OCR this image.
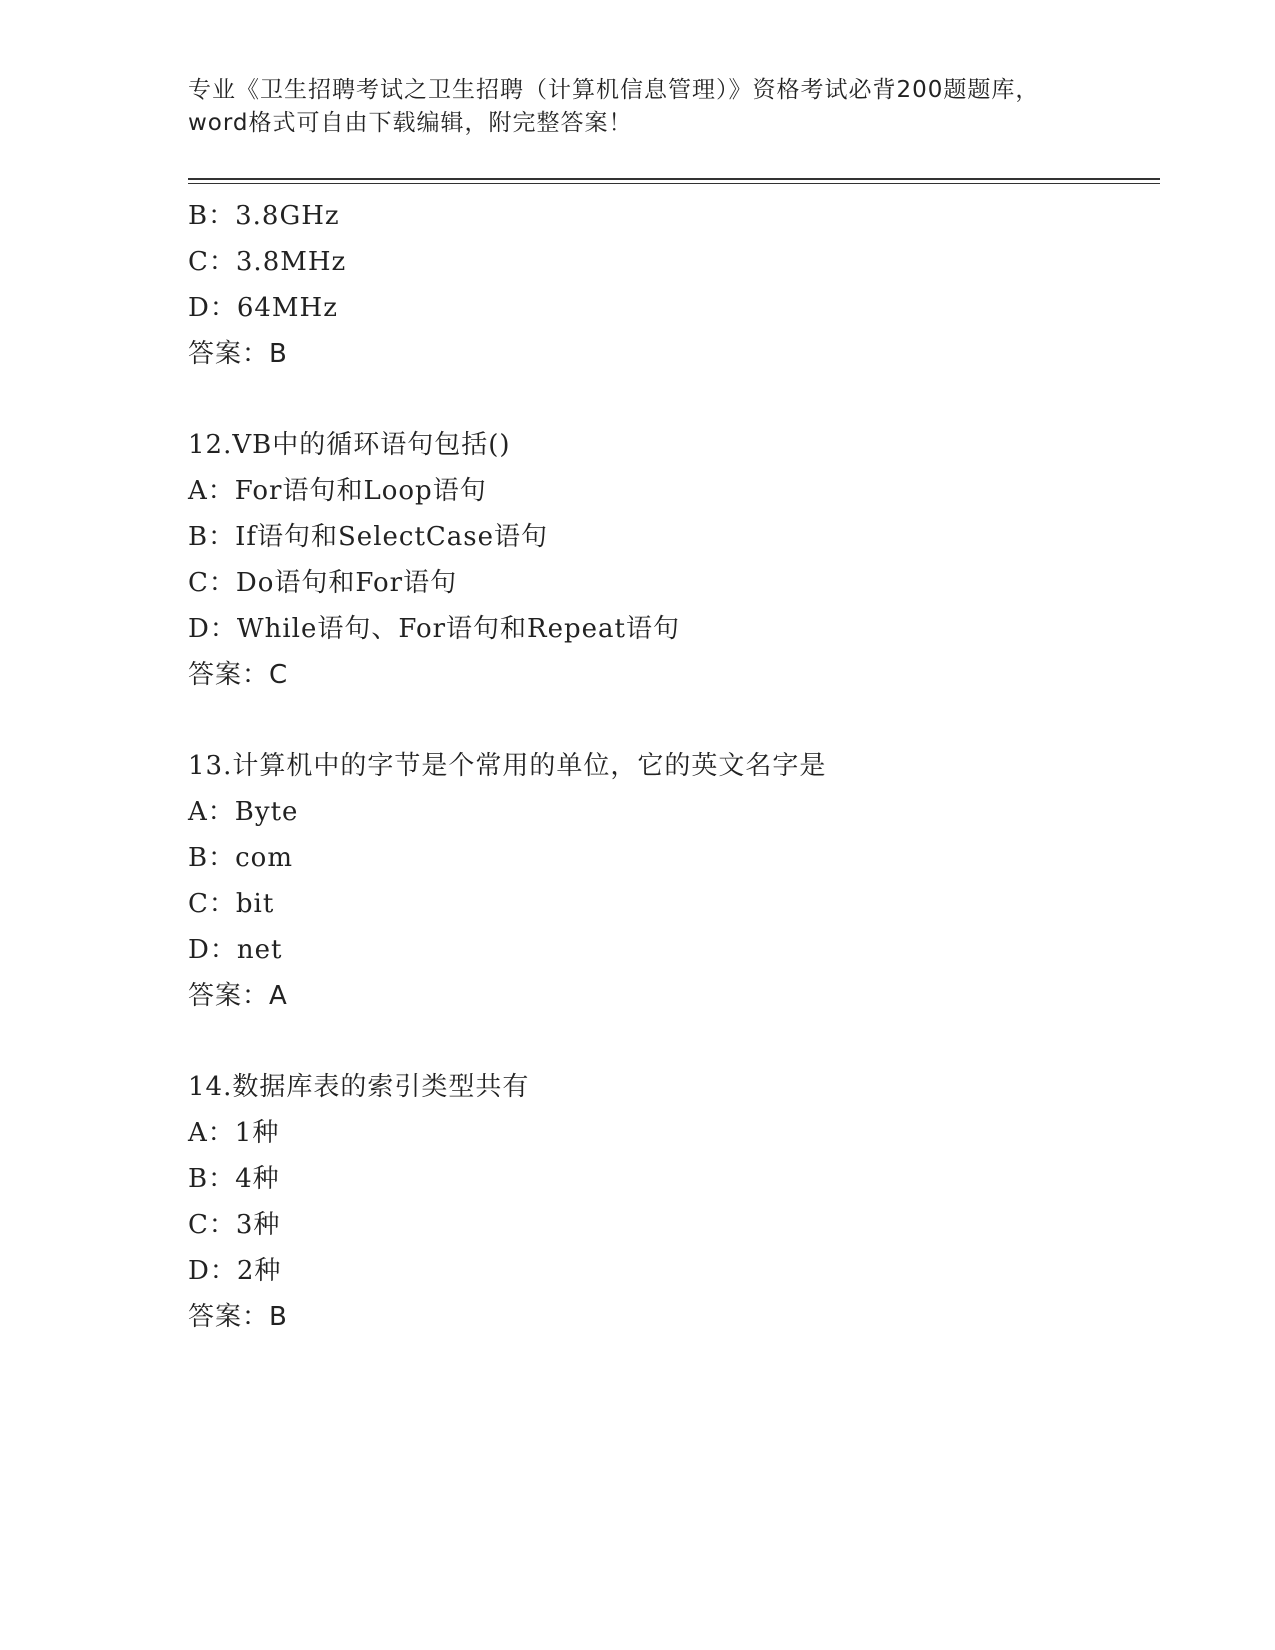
专业《卫生招聘考试之卫生招聘（计算机信息管理）》资格考试必背200题题库，
word格式可自由下载编辑，附完整答案！
B：3.8GHz
C：3.8MHz
D：64MHz
答案：B
12.VB中的循环语句包括()
A：For语句和Loop语句
B：If语句和SelectCase语句
C：Do语句和For语句
D：While语句、For语句和Repeat语句
答案：C
13.计算机中的字节是个常用的单位，它的英文名字是
A：Byte
B：com
C：bit
D：net
答案：A
14.数据库表的索引类型共有
A：1种
B：4种
C：3种
D：2种
答案：B
